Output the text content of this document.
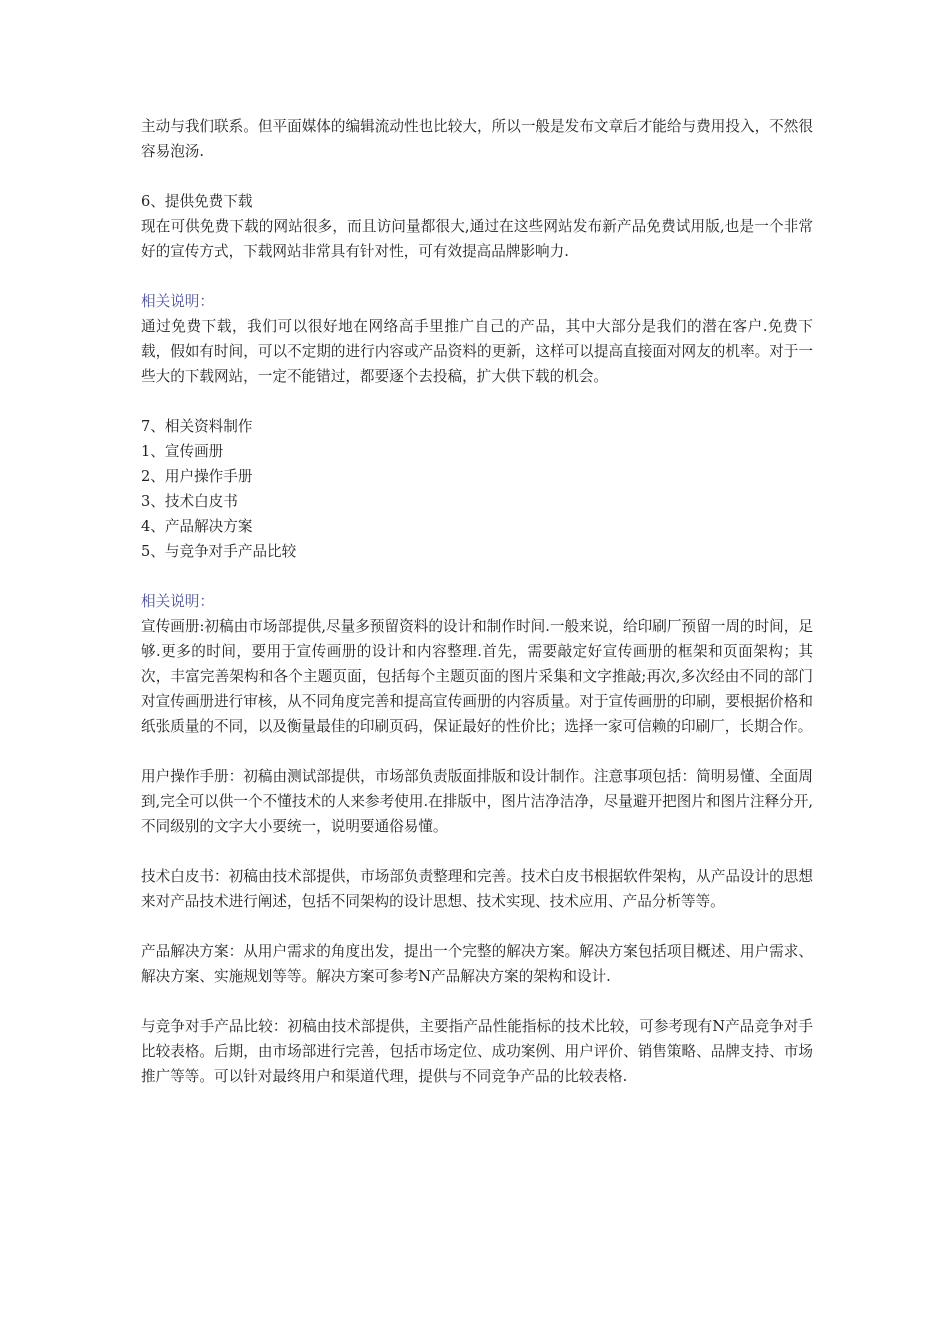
主动与我们联系。但平面媒体的编辑流动性也比较大，所以一般是发布文章后才能给与费用投入，不然很容易泡汤.

6、提供免费下载

现在可供免费下载的网站很多，而且访问量都很大,通过在这些网站发布新产品免费试用版,也是一个非常好的宣传方式，下载网站非常具有针对性，可有效提高品牌影响力.

相关说明：

通过免费下载，我们可以很好地在网络高手里推广自己的产品，其中大部分是我们的潜在客户.免费下载，假如有时间，可以不定期的进行内容或产品资料的更新，这样可以提高直接面对网友的机率。对于一些大的下载网站，一定不能错过，都要逐个去投稿，扩大供下载的机会。

7、相关资料制作

1、宣传画册

2、用户操作手册

3、技术白皮书

4、产品解决方案

5、与竞争对手产品比较

相关说明：

宣传画册:初稿由市场部提供,尽量多预留资料的设计和制作时间.一般来说，给印刷厂预留一周的时间，足够.更多的时间，要用于宣传画册的设计和内容整理.首先，需要敲定好宣传画册的框架和页面架构；其次，丰富完善架构和各个主题页面，包括每个主题页面的图片采集和文字推敲;再次,多次经由不同的部门对宣传画册进行审核，从不同角度完善和提高宣传画册的内容质量。对于宣传画册的印刷，要根据价格和纸张质量的不同，以及衡量最佳的印刷页码，保证最好的性价比；选择一家可信赖的印刷厂，长期合作。

用户操作手册：初稿由测试部提供，市场部负责版面排版和设计制作。注意事项包括：简明易懂、全面周到,完全可以供一个不懂技术的人来参考使用.在排版中，图片洁净洁净，尽量避开把图片和图片注释分开,不同级别的文字大小要统一，说明要通俗易懂。

技术白皮书：初稿由技术部提供，市场部负责整理和完善。技术白皮书根据软件架构，从产品设计的思想来对产品技术进行阐述，包括不同架构的设计思想、技术实现、技术应用、产品分析等等。

产品解决方案：从用户需求的角度出发，提出一个完整的解决方案。解决方案包括项目概述、用户需求、解决方案、实施规划等等。解决方案可参考N产品解决方案的架构和设计.

与竞争对手产品比较：初稿由技术部提供，主要指产品性能指标的技术比较，可参考现有N产品竞争对手比较表格。后期，由市场部进行完善，包括市场定位、成功案例、用户评价、销售策略、品牌支持、市场推广等等。可以针对最终用户和渠道代理，提供与不同竞争产品的比较表格.
